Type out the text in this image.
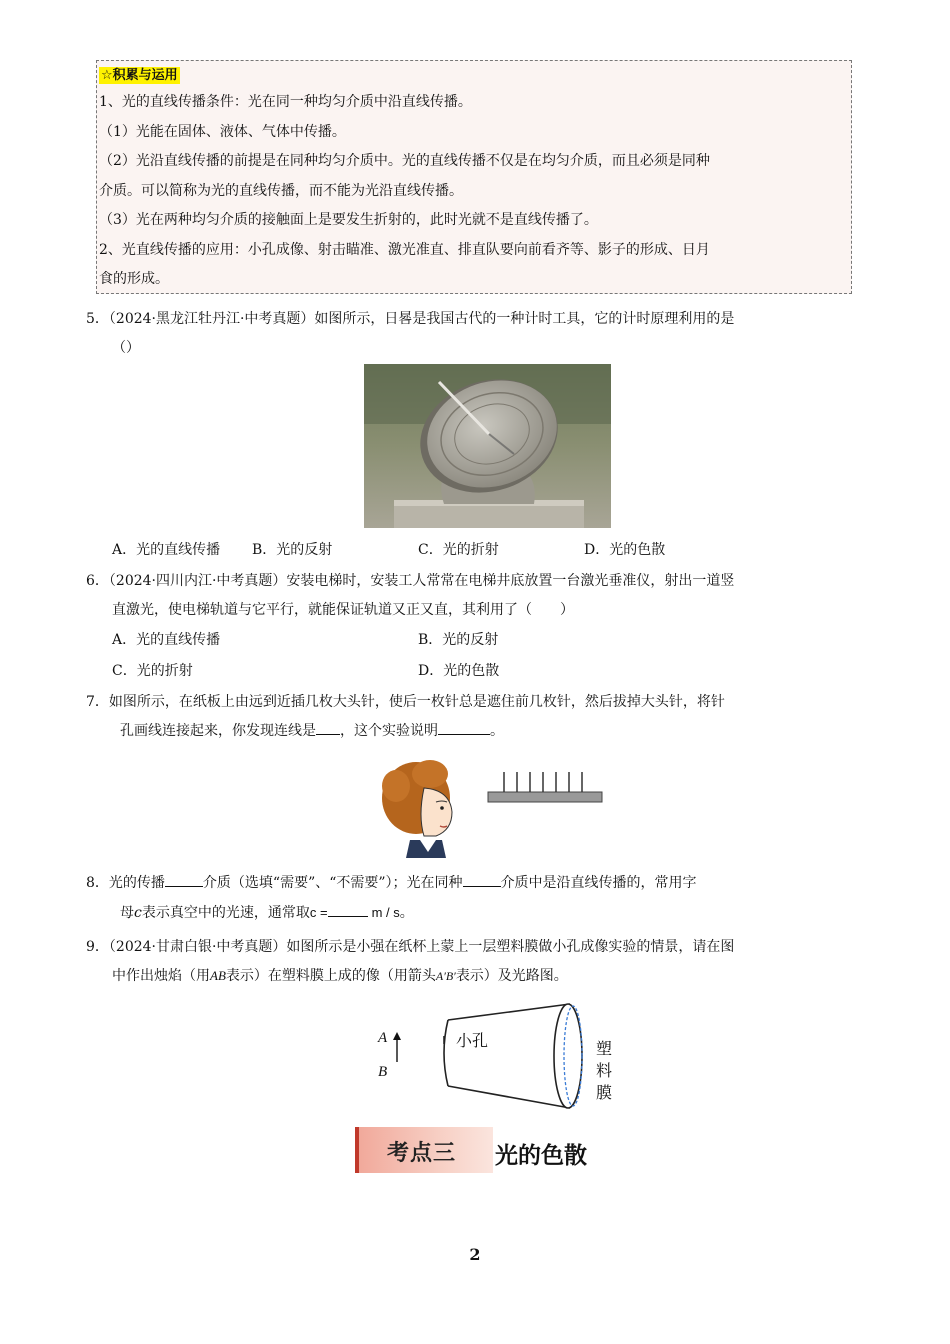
☆积累与运用
1、光的直线传播条件：光在同一种均匀介质中沿直线传播。
（1）光能在固体、液体、气体中传播。
（2）光沿直线传播的前提是在同种均匀介质中。光的直线传播不仅是在均匀介质，而且必须是同种
介质。可以简称为光的直线传播，而不能为光沿直线传播。
（3）光在两种均匀介质的接触面上是要发生折射的，此时光就不是直线传播了。
2、光直线传播的应用：小孔成像、射击瞄准、激光准直、排直队要向前看齐等、影子的形成、日月
食的形成。
5．（2024·黑龙江牡丹江·中考真题）如图所示，日晷是我国古代的一种计时工具，它的计时原理利用的是
（）
A．光的直线传播 B．光的反射	C．光的折射	D．光的色散
6．（2024·四川内江·中考真题）安装电梯时，安装工人常常在电梯井底放置一台激光垂准仪，射出一道竖
直激光，使电梯轨道与它平行，就能保证轨道又正又直，其利用了（　　）
A．光的直线传播	B．光的反射
C．光的折射	D．光的色散
7．如图所示，在纸板上由远到近插几枚大头针，使后一枚针总是遮住前几枚针，然后拔掉大头针，将针
孔画线连接起来，你发现连线是 ，这个实验说明	。
8．光的传播	介质（选填“需要”、“不需要”）；光在同种	介质中是沿直线传播的，常用字
母c表示真空中的光速，通常取c =	m / s。
9．（2024·甘肃白银·中考真题）如图所示是小强在纸杯上蒙上一层塑料膜做小孔成像实验的情景，请在图
中作出烛焰（用AB表示）在塑料膜上成的像（用箭头A′B′表示）及光路图。
A
B
小孔	塑
料
膜
考点三 光的色散
2
